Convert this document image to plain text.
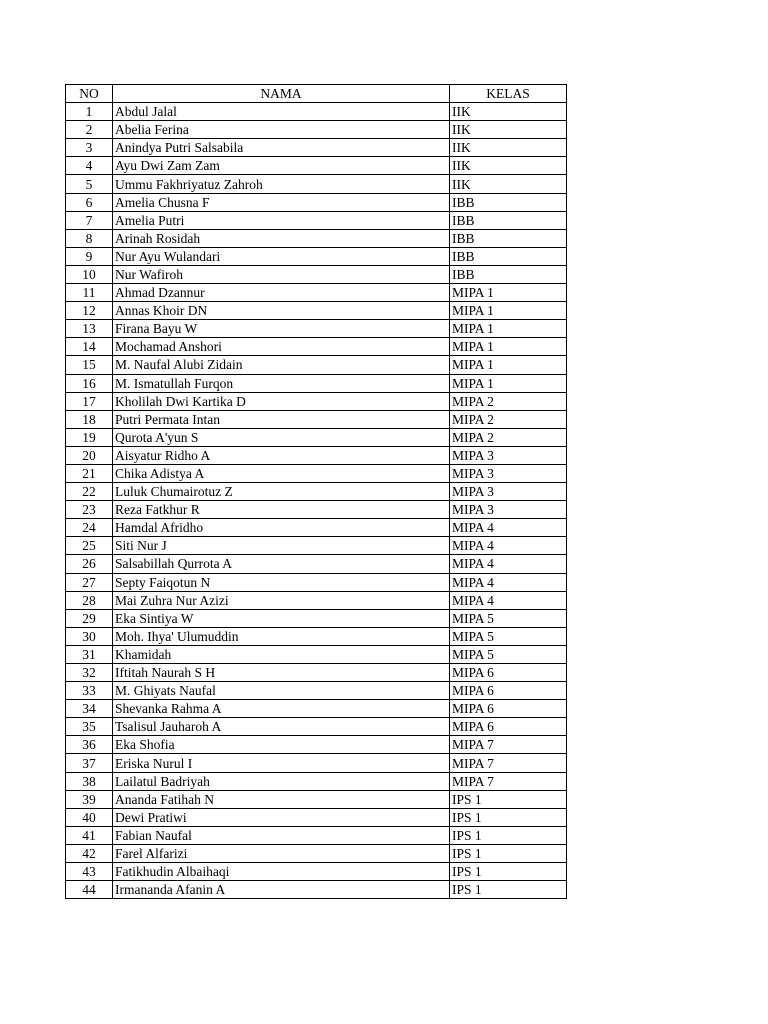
NO	NAMA	KELAS
1	Abdul Jalal	IIK
2	Abelia Ferina	IIK
3	Anindya Putri Salsabila	IIK
4	Ayu Dwi Zam Zam	IIK
5	Ummu Fakhriyatuz Zahroh	IIK
6	Amelia Chusna F	IBB
7	Amelia Putri	IBB
8	Arinah Rosidah	IBB
9	Nur Ayu Wulandari	IBB
10	Nur Wafiroh	IBB
11	Ahmad Dzannur	MIPA 1
12	Annas Khoir DN	MIPA 1
13	Firana Bayu W	MIPA 1
14	Mochamad Anshori	MIPA 1
15	M. Naufal Alubi Zidain	MIPA 1
16	M. Ismatullah Furqon	MIPA 1
17	Kholilah Dwi Kartika D	MIPA 2
18	Putri Permata Intan	MIPA 2
19	Qurota A'yun S	MIPA 2
20	Aisyatur Ridho A	MIPA 3
21	Chika Adistya A	MIPA 3
22	Luluk Chumairotuz Z	MIPA 3
23	Reza Fatkhur R	MIPA 3
24	Hamdal Afridho	MIPA 4
25	Siti Nur J	MIPA 4
26	Salsabillah Qurrota A	MIPA 4
27	Septy Faiqotun N	MIPA 4
28	Mai Zuhra Nur Azizi	MIPA 4
29	Eka Sintiya W	MIPA 5
30	Moh. Ihya' Ulumuddin	MIPA 5
31	Khamidah	MIPA 5
32	Iftitah Naurah S H	MIPA 6
33	M. Ghiyats Naufal	MIPA 6
34	Shevanka Rahma A	MIPA 6
35	Tsalisul Jauharoh A	MIPA 6
36	Eka Shofia	MIPA 7
37	Eriska Nurul I	MIPA 7
38	Lailatul Badriyah	MIPA 7
39	Ananda Fatihah N	IPS 1
40	Dewi Pratiwi	IPS 1
41	Fabian Naufal	IPS 1
42	Farel Alfarizi	IPS 1
43	Fatikhudin Albaihaqi	IPS 1
44	Irmananda Afanin A	IPS 1
